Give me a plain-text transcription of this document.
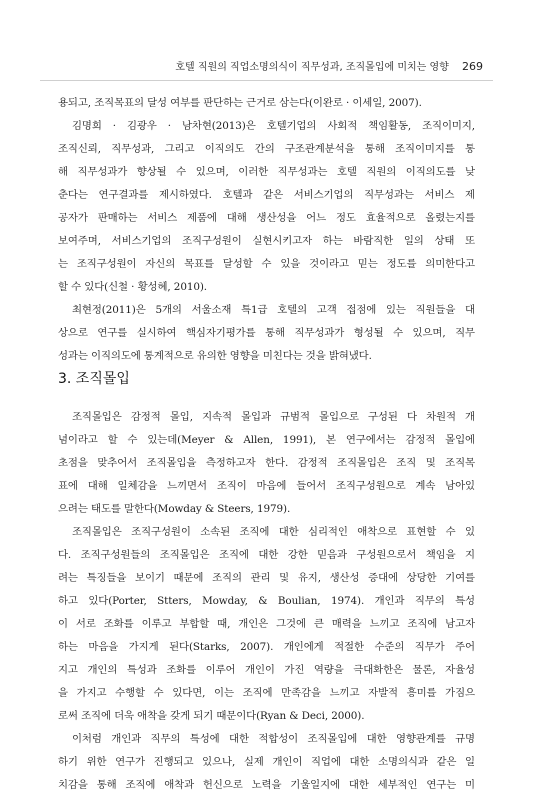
호텔 직원의 직업소명의식이 직무성과, 조직몰입에 미치는 영향 269
용되고, 조직목표의 달성 여부를 판단하는 근거로 삼는다(이완로 · 이세일, 2007).
김명희 · 김광우 · 남차현(2013)은 호텔기업의 사회적 책임활동, 조직이미지,
조직신뢰, 직무성과, 그리고 이직의도 간의 구조관계분석을 통해 조직이미지를 통
해 직무성과가 향상될 수 있으며, 이러한 직무성과는 호텔 직원의 이직의도를 낮
춘다는 연구결과를 제시하였다. 호텔과 같은 서비스기업의 직무성과는 서비스 제
공자가 판매하는 서비스 제품에 대해 생산성을 어느 정도 효율적으로 올렸는지를
보여주며, 서비스기업의 조직구성원이 실현시키고자 하는 바람직한 일의 상태 또
는 조직구성원이 자신의 목표를 달성할 수 있을 것이라고 믿는 정도를 의미한다고
할 수 있다(신철 · 황성혜, 2010).
최현정(2011)은 5개의 서울소재 특1급 호텔의 고객 접점에 있는 직원들을 대
상으로 연구를 실시하여 핵심자기평가를 통해 직무성과가 형성될 수 있으며, 직무
성과는 이직의도에 통계적으로 유의한 영향을 미친다는 것을 밝혀냈다.
3. 조직몰입
조직몰입은 감정적 몰입, 지속적 몰입과 규범적 몰입으로 구성된 다 차원적 개
념이라고 할 수 있는데(Meyer & Allen, 1991), 본 연구에서는 감정적 몰입에
초점을 맞추어서 조직몰입을 측정하고자 한다. 감정적 조직몰입은 조직 및 조직목
표에 대해 일체감을 느끼면서 조직이 마음에 들어서 조직구성원으로 계속 남아있
으려는 태도를 말한다(Mowday & Steers, 1979).
조직몰입은 조직구성원이 소속된 조직에 대한 심리적인 애착으로 표현할 수 있
다. 조직구성원들의 조직몰입은 조직에 대한 강한 믿음과 구성원으로서 책임을 지
려는 특징들을 보이기 때문에 조직의 관리 및 유지, 생산성 증대에 상당한 기여를
하고 있다(Porter, Stters, Mowday, & Boulian, 1974). 개인과 직무의 특성
이 서로 조화를 이루고 부합할 때, 개인은 그것에 큰 매력을 느끼고 조직에 남고자
하는 마음을 가지게 된다(Starks, 2007). 개인에게 적절한 수준의 직무가 주어
지고 개인의 특성과 조화를 이루어 개인이 가진 역량을 극대화한은 물론, 자율성
을 가지고 수행할 수 있다면, 이는 조직에 만족감을 느끼고 자발적 흥미를 가짐으
로써 조직에 더욱 애착을 갖게 되기 때문이다(Ryan & Deci, 2000).
이처럼 개인과 직무의 특성에 대한 적합성이 조직몰입에 대한 영향관계를 규명
하기 위한 연구가 진행되고 있으나, 실제 개인이 직업에 대한 소명의식과 같은 일
치감을 통해 조직에 애착과 헌신으로 노력을 기울일지에 대한 세부적인 연구는 미
